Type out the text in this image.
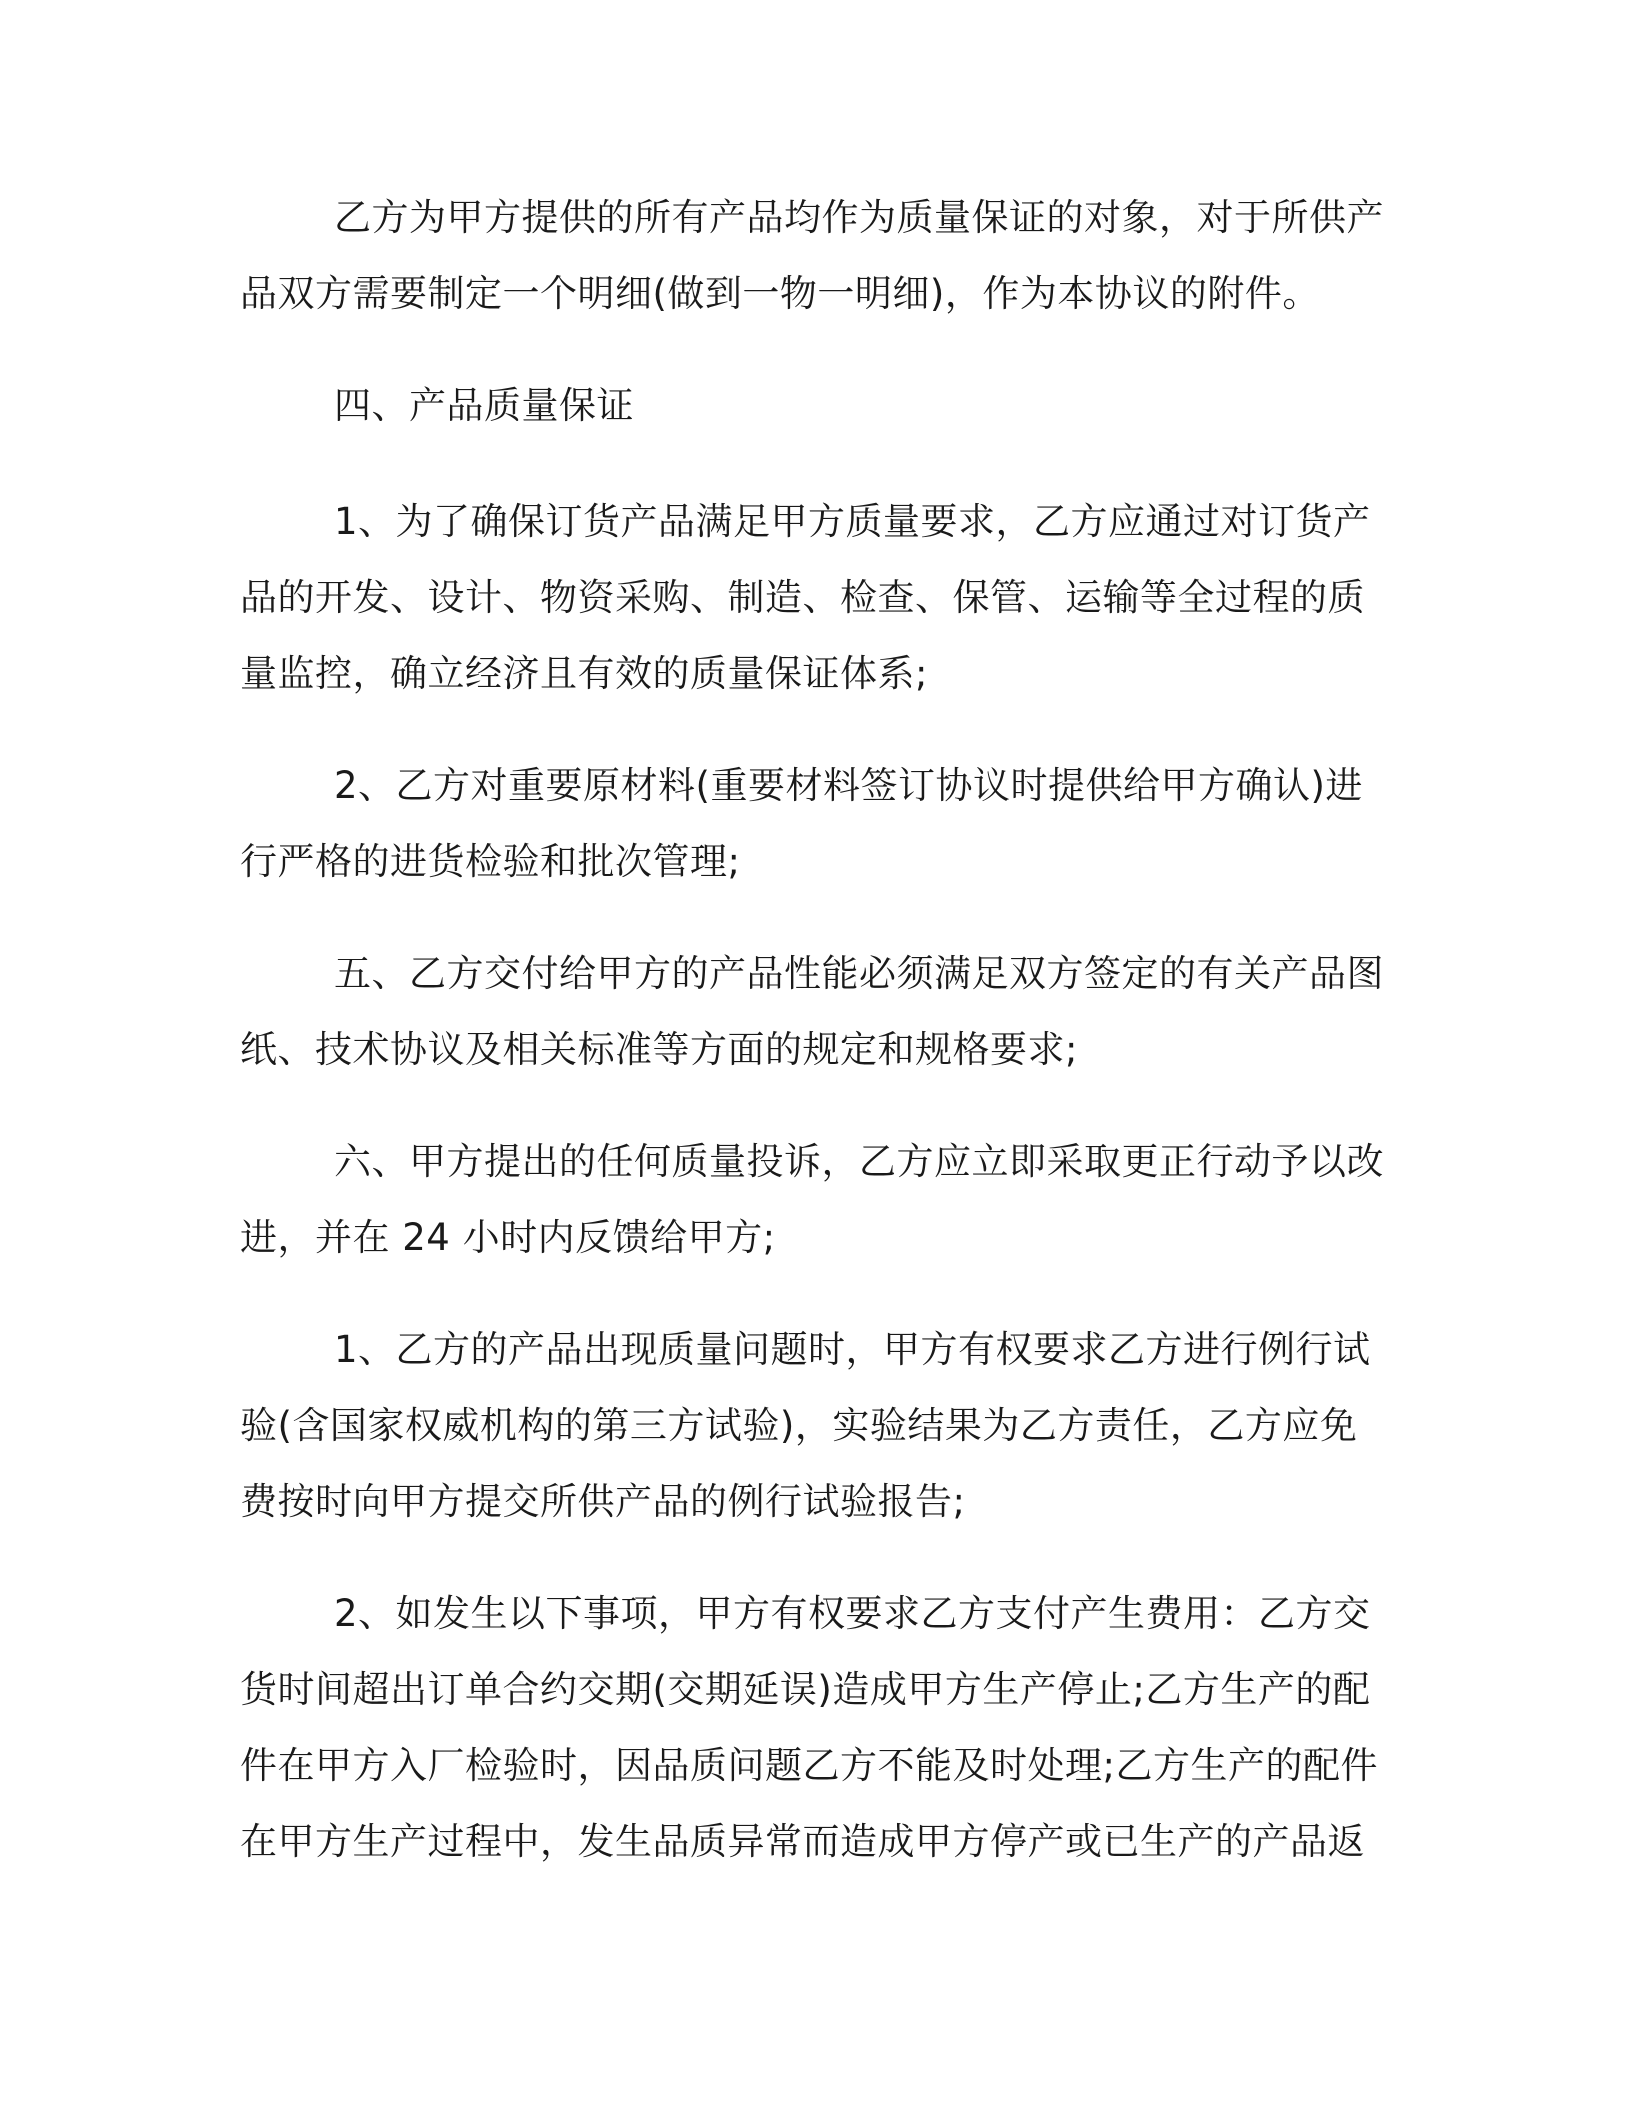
乙方为甲方提供的所有产品均作为质量保证的对象，对于所供产品双方需要制定一个明细(做到一物一明细)，作为本协议的附件。

四、产品质量保证

1、为了确保订货产品满足甲方质量要求，乙方应通过对订货产品的开发、设计、物资采购、制造、检查、保管、运输等全过程的质量监控，确立经济且有效的质量保证体系;

2、乙方对重要原材料(重要材料签订协议时提供给甲方确认)进行严格的进货检验和批次管理;

五、乙方交付给甲方的产品性能必须满足双方签定的有关产品图纸、技术协议及相关标准等方面的规定和规格要求;

六、甲方提出的任何质量投诉，乙方应立即采取更正行动予以改进，并在 24 小时内反馈给甲方;

1、乙方的产品出现质量问题时，甲方有权要求乙方进行例行试验(含国家权威机构的第三方试验)，实验结果为乙方责任，乙方应免费按时向甲方提交所供产品的例行试验报告;

2、如发生以下事项，甲方有权要求乙方支付产生费用：乙方交货时间超出订单合约交期(交期延误)造成甲方生产停止;乙方生产的配件在甲方入厂检验时，因品质问题乙方不能及时处理;乙方生产的配件在甲方生产过程中，发生品质异常而造成甲方停产或已生产的产品返
